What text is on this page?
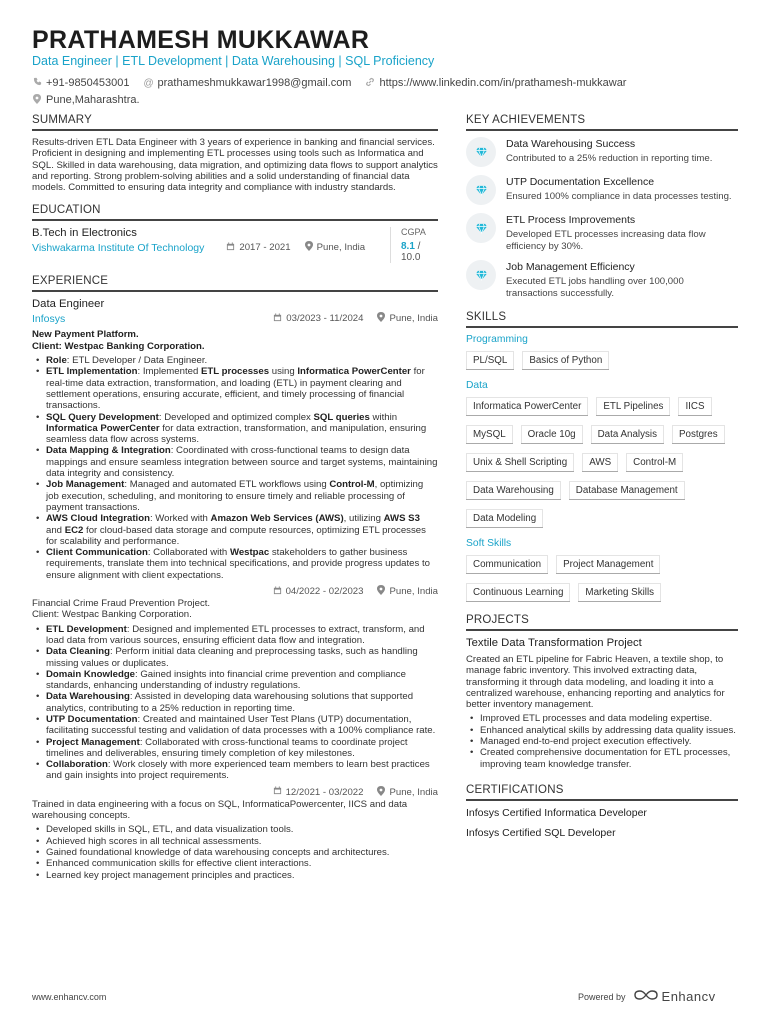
PRATHAMESH MUKKAWAR
Data Engineer | ETL Development | Data Warehousing | SQL Proficiency
+91-9850453001 @ prathameshmukkawar1998@gmail.com	https://www.linkedin.com/in/prathamesh-mukkawar
Pune,Maharashtra.
SUMMARY
Results-driven ETL Data Engineer with 3 years of experience in banking and financial services. Proficient in designing and implementing ETL processes using tools such as Informatica and SQL. Skilled in data warehousing, data migration, and optimizing data flows to support analytics and reporting. Strong problem-solving abilities and a solid understanding of financial data models. Committed to ensuring data integrity and compliance with industry standards.
EDUCATION
B.Tech in Electronics
Vishwakarma Institute Of Technology	2017 - 2021	Pune, India
CGPA
8.1 / 10.0
EXPERIENCE
Data Engineer
Infosys	03/2023 - 11/2024	Pune, India
New Payment Platform.
Client: Westpac Banking Corporation.
• Role: ETL Developer / Data Engineer.
• ETL Implementation: Implemented ETL processes using Informatica PowerCenter for real-time data extraction, transformation, and loading (ETL) in payment clearing and settlement operations, ensuring accurate, efficient, and timely processing of financial transactions.
• SQL Query Development: Developed and optimized complex SQL queries within Informatica PowerCenter for data extraction, transformation, and manipulation, ensuring seamless data flow across systems.
• Data Mapping & Integration: Coordinated with cross-functional teams to design data mappings and ensure seamless integration between source and target systems, maintaining data integrity and consistency.
• Job Management: Managed and automated ETL workflows using Control-M, optimizing job execution, scheduling, and monitoring to ensure timely and reliable processing of payment transactions.
• AWS Cloud Integration: Worked with Amazon Web Services (AWS), utilizing AWS S3 and EC2 for cloud-based data storage and compute resources, optimizing ETL processes for scalability and performance.
• Client Communication: Collaborated with Westpac stakeholders to gather business requirements, translate them into technical specifications, and provide progress updates to ensure alignment with client expectations.
04/2022 - 02/2023	Pune, India
Financial Crime Fraud Prevention Project.
Client: Westpac Banking Corporation.
• ETL Development: Designed and implemented ETL processes to extract, transform, and load data from various sources, ensuring efficient data flow and integration.
• Data Cleaning: Perform initial data cleaning and preprocessing tasks, such as handling missing values or duplicates.
• Domain Knowledge: Gained insights into financial crime prevention and compliance standards, enhancing understanding of industry regulations.
• Data Warehousing: Assisted in developing data warehousing solutions that supported analytics, contributing to a 25% reduction in reporting time.
• UTP Documentation: Created and maintained User Test Plans (UTP) documentation, facilitating successful testing and validation of data processes with a 100% compliance rate.
• Project Management: Collaborated with cross-functional teams to coordinate project timelines and deliverables, ensuring timely completion of key milestones.
• Collaboration: Work closely with more experienced team members to learn best practices and gain insights into project requirements.
12/2021 - 03/2022	Pune, India
Trained in data engineering with a focus on SQL, InformaticaPowercenter, IICS and data warehousing concepts.
• Developed skills in SQL, ETL, and data visualization tools.
• Achieved high scores in all technical assessments.
• Gained foundational knowledge of data warehousing concepts and architectures.
• Enhanced communication skills for effective client interactions.
• Learned key project management principles and practices.
KEY ACHIEVEMENTS
Data Warehousing Success
Contributed to a 25% reduction in reporting time.
UTP Documentation Excellence
Ensured 100% compliance in data processes testing.
ETL Process Improvements
Developed ETL processes increasing data flow efficiency by 30%.
Job Management Efficiency
Executed ETL jobs handling over 100,000 transactions successfully.
SKILLS
Programming
PL/SQL	Basics of Python
Data
Informatica PowerCenter	ETL Pipelines	IICS
MySQL	Oracle 10g	Data Analysis	Postgres
Unix & Shell Scripting	AWS	Control-M
Data Warehousing	Database Management
Data Modeling
Soft Skills
Communication	Project Management
Continuous Learning	Marketing Skills
PROJECTS
Textile Data Transformation Project
Created an ETL pipeline for Fabric Heaven, a textile shop, to manage fabric inventory. This involved extracting data, transforming it through data modeling, and loading it into a centralized warehouse, enhancing reporting and analytics for better inventory management.
• Improved ETL processes and data modeling expertise.
• Enhanced analytical skills by addressing data quality issues.
• Managed end-to-end project execution effectively.
• Created comprehensive documentation for ETL processes, improving team knowledge transfer.
CERTIFICATIONS
Infosys Certified Informatica Developer
Infosys Certified SQL Developer
www.enhancv.com	Powered by	Enhancv
